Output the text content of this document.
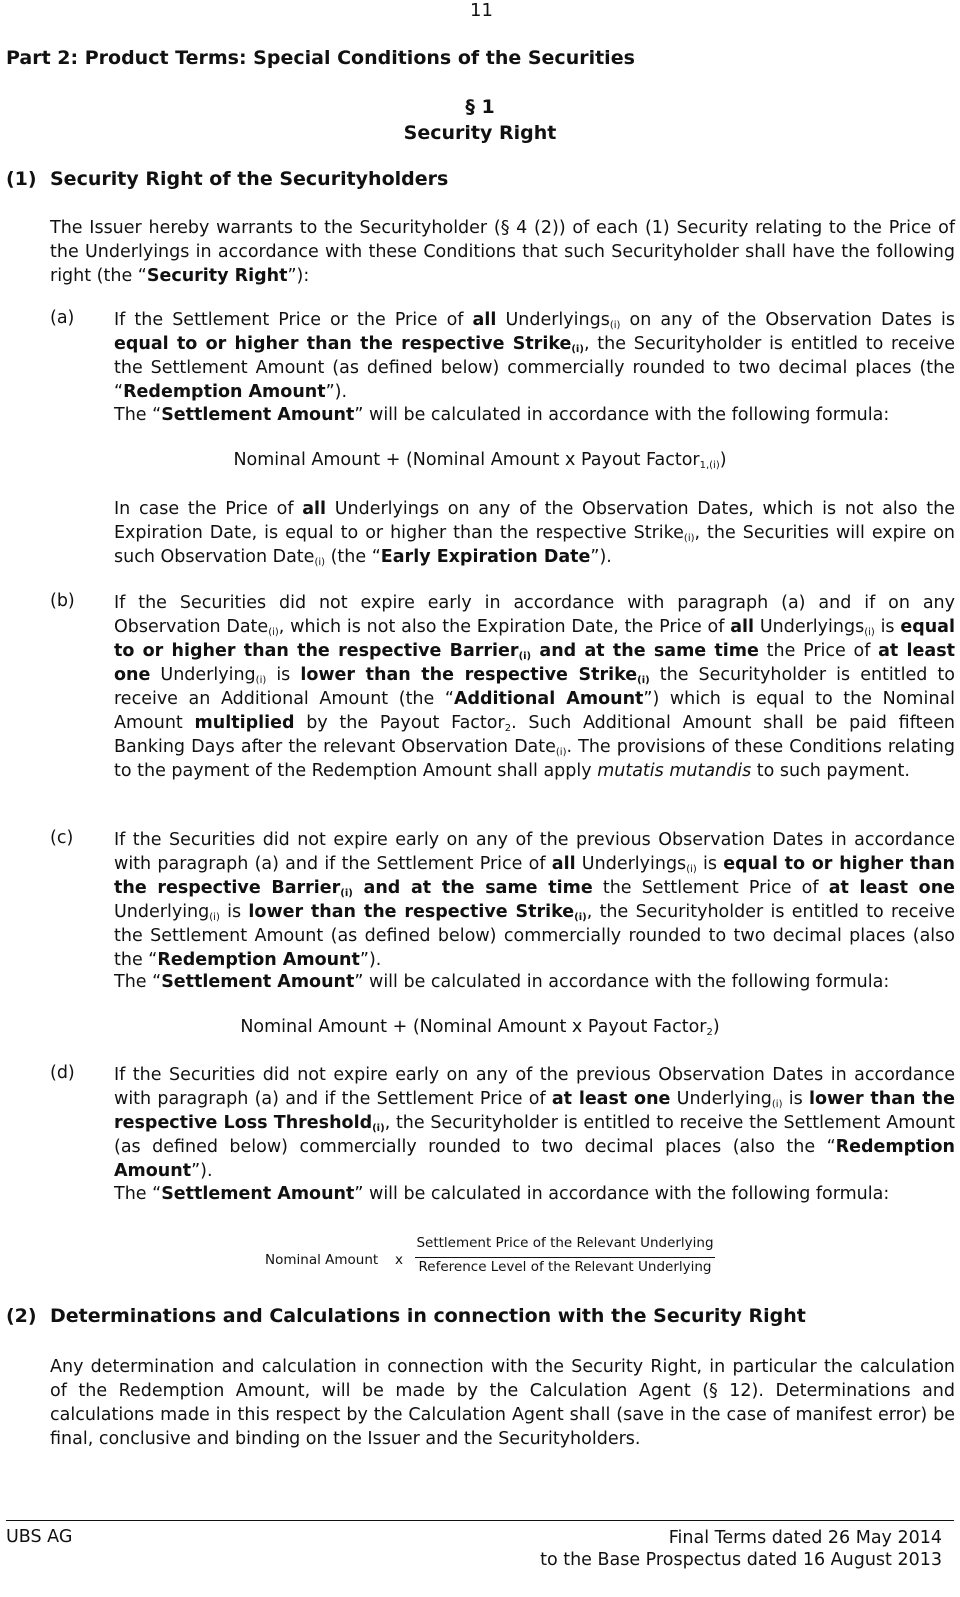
11
Part 2: Product Terms: Special Conditions of the Securities
§ 1
Security Right
(1) Security Right of the Securityholders
The Issuer hereby warrants to the Securityholder (§ 4 (2)) of each (1) Security relating to the Price of the Underlyings in accordance with these Conditions that such Securityholder shall have the following right (the “Security Right”):
(a) If the Settlement Price or the Price of all Underlyings$_{(i)}$ on any of the Observation Dates is equal to or higher than the respective Strike$_{(i)}$, the Securityholder is entitled to receive the Settlement Amount (as defined below) commercially rounded to two decimal places (the “Redemption Amount”).
The “Settlement Amount” will be calculated in accordance with the following formula:
Nominal Amount + (Nominal Amount x Payout Factor$_{1,(i)}$)
In case the Price of all Underlyings on any of the Observation Dates, which is not also the Expiration Date, is equal to or higher than the respective Strike$_{(i)}$, the Securities will expire on such Observation Date$_{(i)}$ (the “Early Expiration Date”).
(b) If the Securities did not expire early in accordance with paragraph (a) and if on any Observation Date$_{(i)}$, which is not also the Expiration Date, the Price of all Underlyings$_{(i)}$ is equal to or higher than the respective Barrier$_{(i)}$ and at the same time the Price of at least one Underlying$_{(i)}$ is lower than the respective Strike$_{(i)}$ the Securityholder is entitled to receive an Additional Amount (the “Additional Amount”) which is equal to the Nominal Amount multiplied by the Payout Factor$_2$. Such Additional Amount shall be paid fifteen Banking Days after the relevant Observation Date$_{(i)}$. The provisions of these Conditions relating to the payment of the Redemption Amount shall apply mutatis mutandis to such payment.
(c) If the Securities did not expire early on any of the previous Observation Dates in accordance with paragraph (a) and if the Settlement Price of all Underlyings$_{(i)}$ is equal to or higher than the respective Barrier$_{(i)}$ and at the same time the Settlement Price of at least one Underlying$_{(i)}$ is lower than the respective Strike$_{(i)}$, the Securityholder is entitled to receive the Settlement Amount (as defined below) commercially rounded to two decimal places (also the “Redemption Amount”).
The “Settlement Amount” will be calculated in accordance with the following formula:
Nominal Amount + (Nominal Amount x Payout Factor$_2$)
(d) If the Securities did not expire early on any of the previous Observation Dates in accordance with paragraph (a) and if the Settlement Price of at least one Underlying$_{(i)}$ is lower than the respective Loss Threshold$_{(i)}$, the Securityholder is entitled to receive the Settlement Amount (as defined below) commercially rounded to two decimal places (also the “Redemption Amount”).
The “Settlement Amount” will be calculated in accordance with the following formula:
Nominal Amount x
Settlement Price of the Relevant Underlying
Reference Level of the Relevant Underlying
(2) Determinations and Calculations in connection with the Security Right
Any determination and calculation in connection with the Security Right, in particular the calculation of the Redemption Amount, will be made by the Calculation Agent (§ 12). Determinations and calculations made in this respect by the Calculation Agent shall (save in the case of manifest error) be final, conclusive and binding on the Issuer and the Securityholders.
UBS AG	Final Terms dated 26 May 2014
to the Base Prospectus dated 16 August 2013
